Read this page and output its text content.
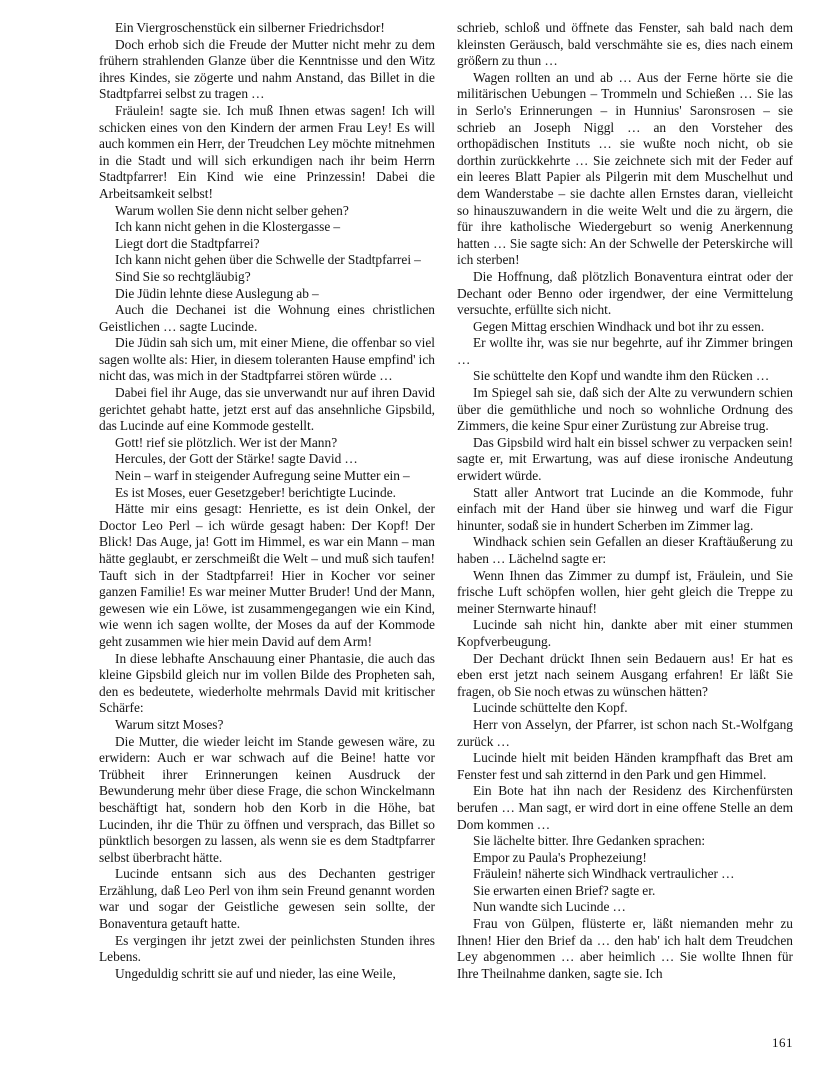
Ein Viergroschenstück ein silberner Friedrichsdor!

Doch erhob sich die Freude der Mutter nicht mehr zu dem frühern strahlenden Glanze über die Kenntnisse und den Witz ihres Kindes, sie zögerte und nahm Anstand, das Billet in die Stadtpfarrei selbst zu tragen …

Fräulein! sagte sie. Ich muß Ihnen etwas sagen! Ich will schicken eines von den Kindern der armen Frau Ley! Es will auch kommen ein Herr, der Treudchen Ley möchte mitnehmen in die Stadt und will sich erkundigen nach ihr beim Herrn Stadtpfarrer! Ein Kind wie eine Prinzessin! Dabei die Arbeitsamkeit selbst!

Warum wollen Sie denn nicht selber gehen?

Ich kann nicht gehen in die Klostergasse –

Liegt dort die Stadtpfarrei?

Ich kann nicht gehen über die Schwelle der Stadtpfarrei –

Sind Sie so rechtgläubig?

Die Jüdin lehnte diese Auslegung ab –

Auch die Dechanei ist die Wohnung eines christlichen Geistlichen … sagte Lucinde.

Die Jüdin sah sich um, mit einer Miene, die offenbar so viel sagen wollte als: Hier, in diesem toleranten Hause empfind' ich nicht das, was mich in der Stadtpfarrei stören würde …

Dabei fiel ihr Auge, das sie unverwandt nur auf ihren David gerichtet gehabt hatte, jetzt erst auf das ansehnliche Gipsbild, das Lucinde auf eine Kommode gestellt.

Gott! rief sie plötzlich. Wer ist der Mann?

Hercules, der Gott der Stärke! sagte David …

Nein – warf in steigender Aufregung seine Mutter ein –

Es ist Moses, euer Gesetzgeber! berichtigte Lucinde.

Hätte mir eins gesagt: Henriette, es ist dein Onkel, der Doctor Leo Perl – ich würde gesagt haben: Der Kopf! Der Blick! Das Auge, ja! Gott im Himmel, es war ein Mann – man hätte geglaubt, er zerschmeißt die Welt – und muß sich taufen! Tauft sich in der Stadtpfarrei! Hier in Kocher vor seiner ganzen Familie! Es war meiner Mutter Bruder! Und der Mann, gewesen wie ein Löwe, ist zusammengegangen wie ein Kind, wie wenn ich sagen wollte, der Moses da auf der Kommode geht zusammen wie hier mein David auf dem Arm!

In diese lebhafte Anschauung einer Phantasie, die auch das kleine Gipsbild gleich nur im vollen Bilde des Propheten sah, den es bedeutete, wiederholte mehrmals David mit kritischer Schärfe:

Warum sitzt Moses?

Die Mutter, die wieder leicht im Stande gewesen wäre, zu erwidern: Auch er war schwach auf die Beine! hatte vor Trübheit ihrer Erinnerungen keinen Ausdruck der Bewunderung mehr über diese Frage, die schon Winckelmann beschäftigt hat, sondern hob den Korb in die Höhe, bat Lucinden, ihr die Thür zu öffnen und versprach, das Billet so pünktlich besorgen zu lassen, als wenn sie es dem Stadtpfarrer selbst überbracht hätte.

Lucinde entsann sich aus des Dechanten gestriger Erzählung, daß Leo Perl von ihm sein Freund genannt worden war und sogar der Geistliche gewesen sein sollte, der Bonaventura getauft hatte.

Es vergingen ihr jetzt zwei der peinlichsten Stunden ihres Lebens.

Ungeduldig schritt sie auf und nieder, las eine Weile,

schrieb, schloß und öffnete das Fenster, sah bald nach dem kleinsten Geräusch, bald verschmähte sie es, dies nach einem größern zu thun …

Wagen rollten an und ab … Aus der Ferne hörte sie die militärischen Uebungen – Trommeln und Schießen … Sie las in Serlo's Erinnerungen – in Hunnius' Saronsrosen – sie schrieb an Joseph Niggl … an den Vorsteher des orthopädischen Instituts … sie wußte noch nicht, ob sie dorthin zurückkehrte … Sie zeichnete sich mit der Feder auf ein leeres Blatt Papier als Pilgerin mit dem Muschelhut und dem Wanderstabe – sie dachte allen Ernstes daran, vielleicht so hinauszuwandern in die weite Welt und die zu ärgern, die für ihre katholische Wiedergeburt so wenig Anerkennung hatten … Sie sagte sich: An der Schwelle der Peterskirche will ich sterben!

Die Hoffnung, daß plötzlich Bonaventura eintrat oder der Dechant oder Benno oder irgendwer, der eine Vermittelung versuchte, erfüllte sich nicht.

Gegen Mittag erschien Windhack und bot ihr zu essen.

Er wollte ihr, was sie nur begehrte, auf ihr Zimmer bringen …

Sie schüttelte den Kopf und wandte ihm den Rücken …

Im Spiegel sah sie, daß sich der Alte zu verwundern schien über die gemüthliche und noch so wohnliche Ordnung des Zimmers, die keine Spur einer Zurüstung zur Abreise trug.

Das Gipsbild wird halt ein bissel schwer zu verpacken sein! sagte er, mit Erwartung, was auf diese ironische Andeutung erwidert würde.

Statt aller Antwort trat Lucinde an die Kommode, fuhr einfach mit der Hand über sie hinweg und warf die Figur hinunter, sodaß sie in hundert Scherben im Zimmer lag.

Windhack schien sein Gefallen an dieser Kraftäußerung zu haben … Lächelnd sagte er:

Wenn Ihnen das Zimmer zu dumpf ist, Fräulein, und Sie frische Luft schöpfen wollen, hier geht gleich die Treppe zu meiner Sternwarte hinauf!

Lucinde sah nicht hin, dankte aber mit einer stummen Kopfverbeugung.

Der Dechant drückt Ihnen sein Bedauern aus! Er hat es eben erst jetzt nach seinem Ausgang erfahren! Er läßt Sie fragen, ob Sie noch etwas zu wünschen hätten?

Lucinde schüttelte den Kopf.

Herr von Asselyn, der Pfarrer, ist schon nach St.-Wolfgang zurück …

Lucinde hielt mit beiden Händen krampfhaft das Bret am Fenster fest und sah zitternd in den Park und gen Himmel.

Ein Bote hat ihn nach der Residenz des Kirchenfürsten berufen … Man sagt, er wird dort in eine offene Stelle an dem Dom kommen …

Sie lächelte bitter. Ihre Gedanken sprachen:

Empor zu Paula's Prophezeiung!

Fräulein! näherte sich Windhack vertraulicher …

Sie erwarten einen Brief? sagte er.

Nun wandte sich Lucinde …

Frau von Gülpen, flüsterte er, läßt niemanden mehr zu Ihnen! Hier den Brief da … den hab' ich halt dem Treudchen Ley abgenommen … aber heimlich … Sie wollte Ihnen für Ihre Theilnahme danken, sagte sie. Ich

161
